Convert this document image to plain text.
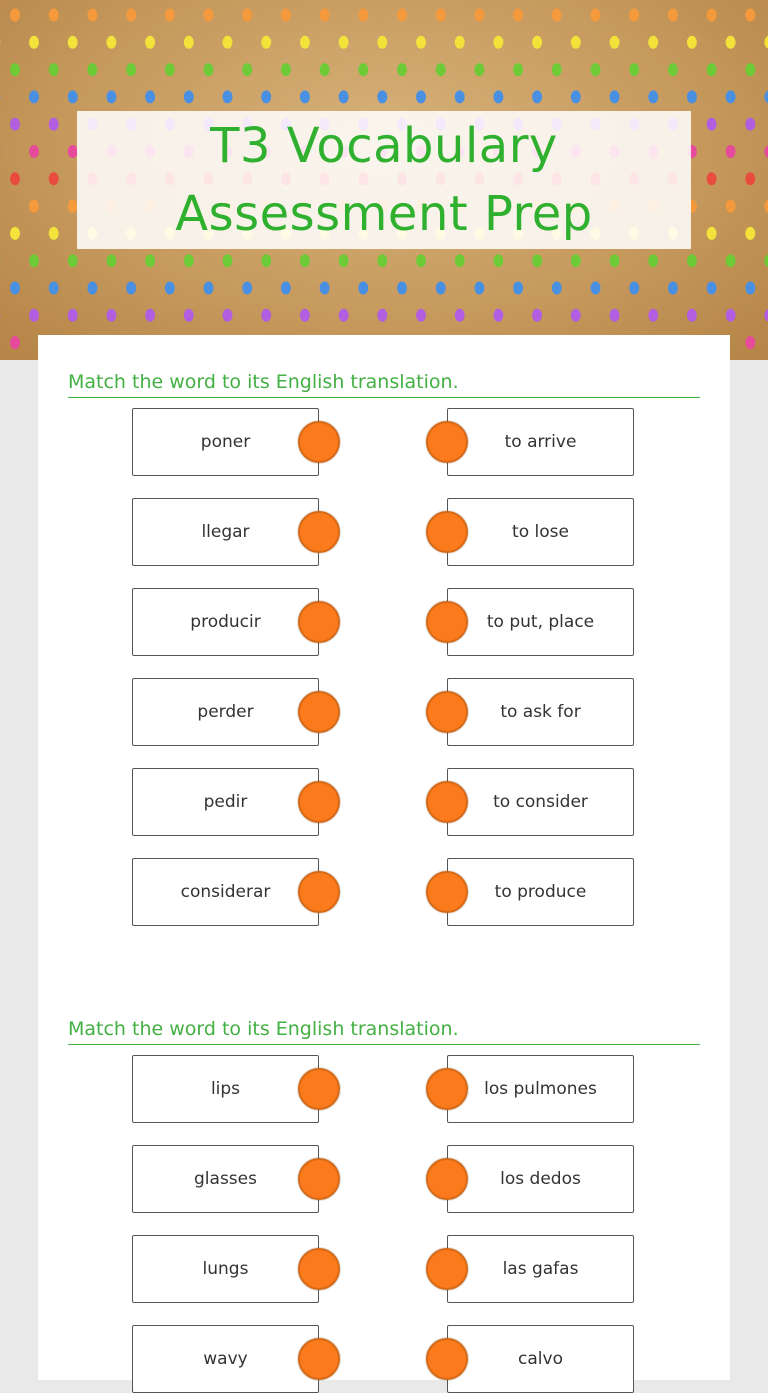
T3 Vocabulary Assessment Prep
Match the word to its English translation.
poner	to arrive
llegar	to lose
producir	to put, place
perder	to ask for
pedir	to consider
considerar	to produce
Match the word to its English translation.
lips	los pulmones
glasses	los dedos
lungs	las gafas
wavy	calvo
